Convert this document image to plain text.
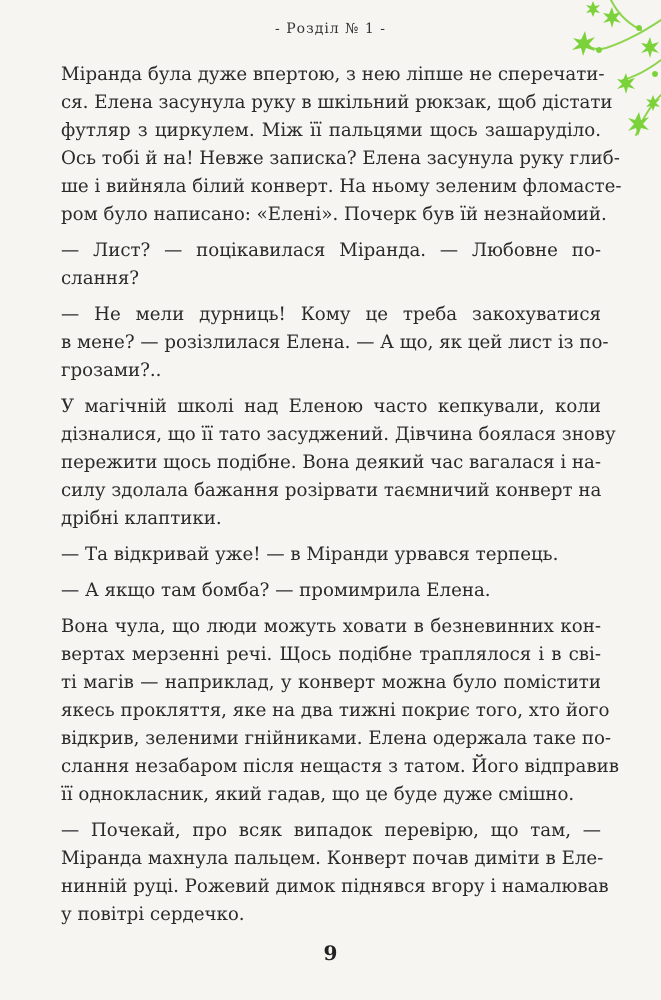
- Розділ № 1 -
Міранда була дуже впертою, з нею ліпше не сперечати-
ся. Елена засунула руку в шкільний рюкзак, щоб дістати
футляр з циркулем. Між її пальцями щось зашаруділо.
Ось тобі й на! Невже записка? Елена засунула руку глиб-
ше і вийняла білий конверт. На ньому зеленим фломасте-
ром було написано: «Елені». Почерк був їй незнайомий.
— Лист? — поцікавилася Міранда. — Любовне по-
слання?
— Не мели дурниць! Кому це треба закохуватися
в мене? — розізлилася Елена. — А що, як цей лист із по-
грозами?..
У магічній школі над Еленою часто кепкували, коли
дізналися, що її тато засуджений. Дівчина боялася знову
пережити щось подібне. Вона деякий час вагалася і на-
силу здолала бажання розірвати таємничий конверт на
дрібні клаптики.
— Та відкривай уже! — в Міранди урвався терпець.
— А якщо там бомба? — промимрила Елена.
Вона чула, що люди можуть ховати в безневинних кон-
вертах мерзенні речі. Щось подібне траплялося і в сві-
ті магів — наприклад, у конверт можна було помістити
якесь прокляття, яке на два тижні покриє того, хто його
відкрив, зеленими гнійниками. Елена одержала таке по-
слання незабаром після нещастя з татом. Його відправив
її однокласник, який гадав, що це буде дуже смішно.
— Почекай, про всяк випадок перевірю, що там, —
Міранда махнула пальцем. Конверт почав диміти в Еле-
нинній руці. Рожевий димок піднявся вгору і намалював
у повітрі сердечко.
9
